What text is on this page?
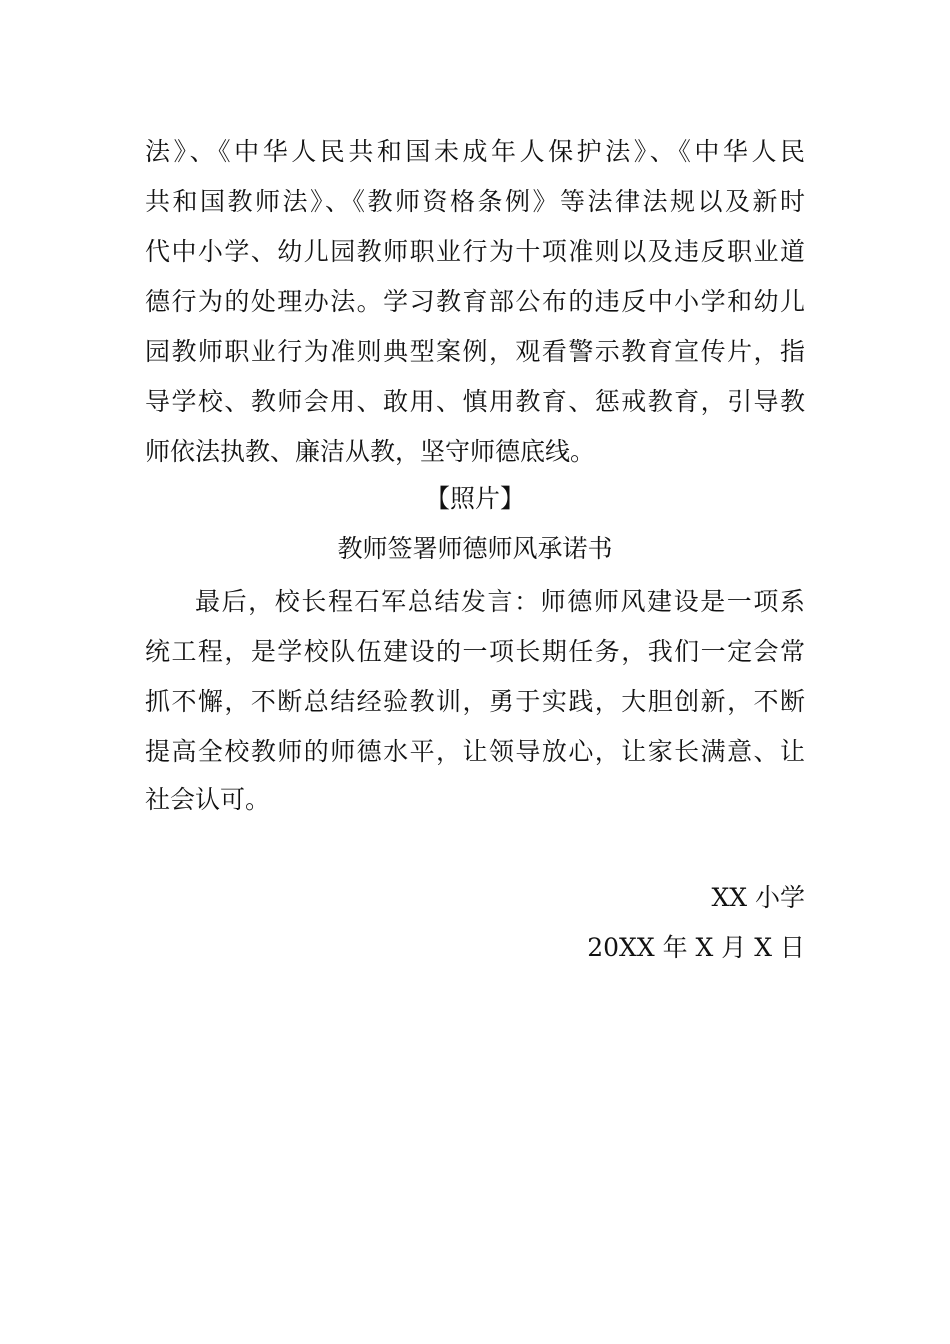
法》、《中华人民共和国未成年人保护法》、《中华人民
共和国教师法》、《教师资格条例》等法律法规以及新时
代中小学、幼儿园教师职业行为十项准则以及违反职业道
德行为的处理办法。学习教育部公布的违反中小学和幼儿
园教师职业行为准则典型案例，观看警示教育宣传片，指
导学校、教师会用、敢用、慎用教育、惩戒教育，引导教
师依法执教、廉洁从教，坚守师德底线。
【照片】
教师签署师德师风承诺书
最后，校长程石军总结发言：师德师风建设是一项系
统工程，是学校队伍建设的一项长期任务，我们一定会常
抓不懈，不断总结经验教训，勇于实践，大胆创新，不断
提高全校教师的师德水平，让领导放心，让家长满意、让
社会认可。
XX 小学
20XX 年 X 月 X 日
